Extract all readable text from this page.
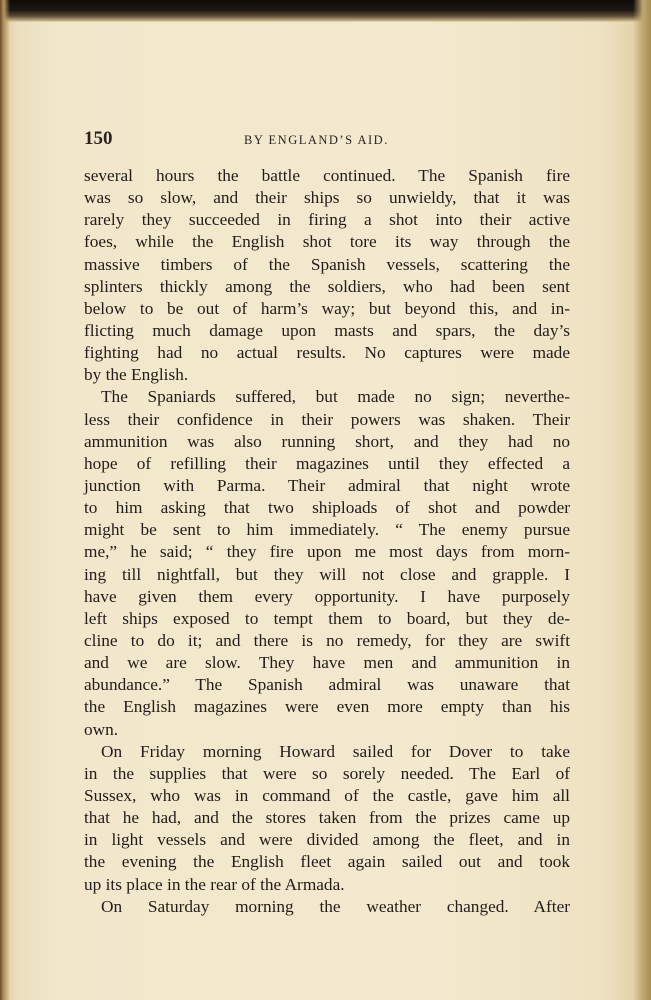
150	BY ENGLAND’S AID.
several hours the battle continued. The Spanish fire
was so slow, and their ships so unwieldy, that it was
rarely they succeeded in firing a shot into their active
foes, while the English shot tore its way through the
massive timbers of the Spanish vessels, scattering the
splinters thickly among the soldiers, who had been sent
below to be out of harm’s way; but beyond this, and in-
flicting much damage upon masts and spars, the day’s
fighting had no actual results. No captures were made
by the English.
The Spaniards suffered, but made no sign; neverthe-
less their confidence in their powers was shaken. Their
ammunition was also running short, and they had no
hope of refilling their magazines until they effected a
junction with Parma. Their admiral that night wrote
to him asking that two shiploads of shot and powder
might be sent to him immediately. “ The enemy pursue
me,” he said; “ they fire upon me most days from morn-
ing till nightfall, but they will not close and grapple. I
have given them every opportunity. I have purposely
left ships exposed to tempt them to board, but they de-
cline to do it; and there is no remedy, for they are swift
and we are slow. They have men and ammunition in
abundance.” The Spanish admiral was unaware that
the English magazines were even more empty than his
own.
On Friday morning Howard sailed for Dover to take
in the supplies that were so sorely needed. The Earl of
Sussex, who was in command of the castle, gave him all
that he had, and the stores taken from the prizes came up
in light vessels and were divided among the fleet, and in
the evening the English fleet again sailed out and took
up its place in the rear of the Armada.
On Saturday morning the weather changed. After
